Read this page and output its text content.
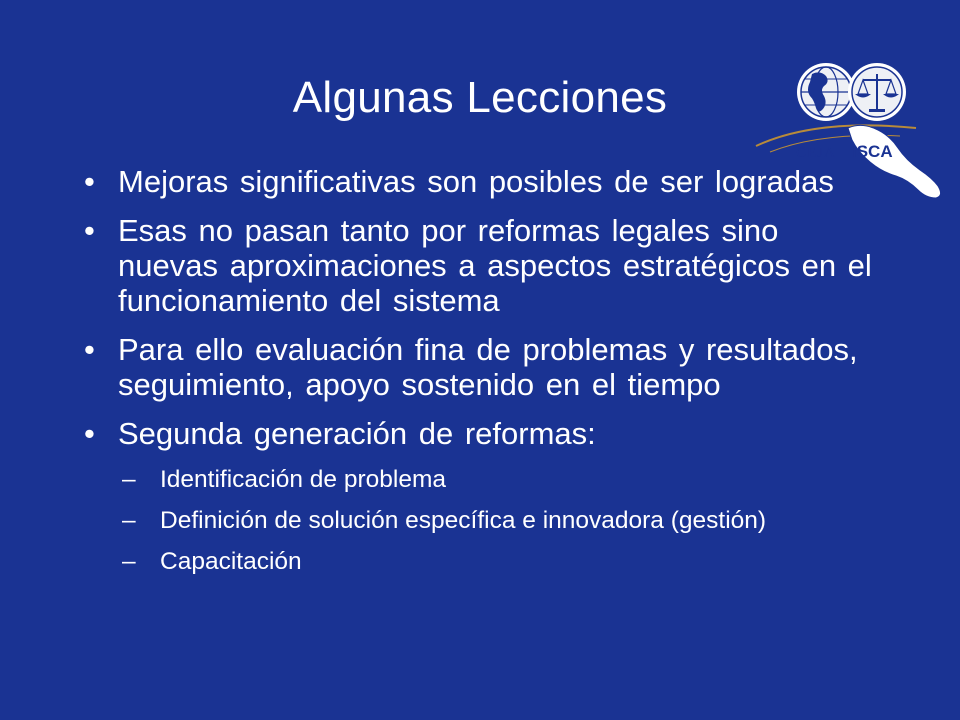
Algunas Lecciones
CEJA ISCA
• Mejoras significativas son posibles de ser logradas
• Esas no pasan tanto por reformas legales sino nuevas aproximaciones a aspectos estratégicos en el funcionamiento del sistema
• Para ello evaluación fina de problemas y resultados, seguimiento, apoyo sostenido en el tiempo
• Segunda generación de reformas:
– Identificación de problema
– Definición de solución específica e innovadora (gestión)
– Capacitación
